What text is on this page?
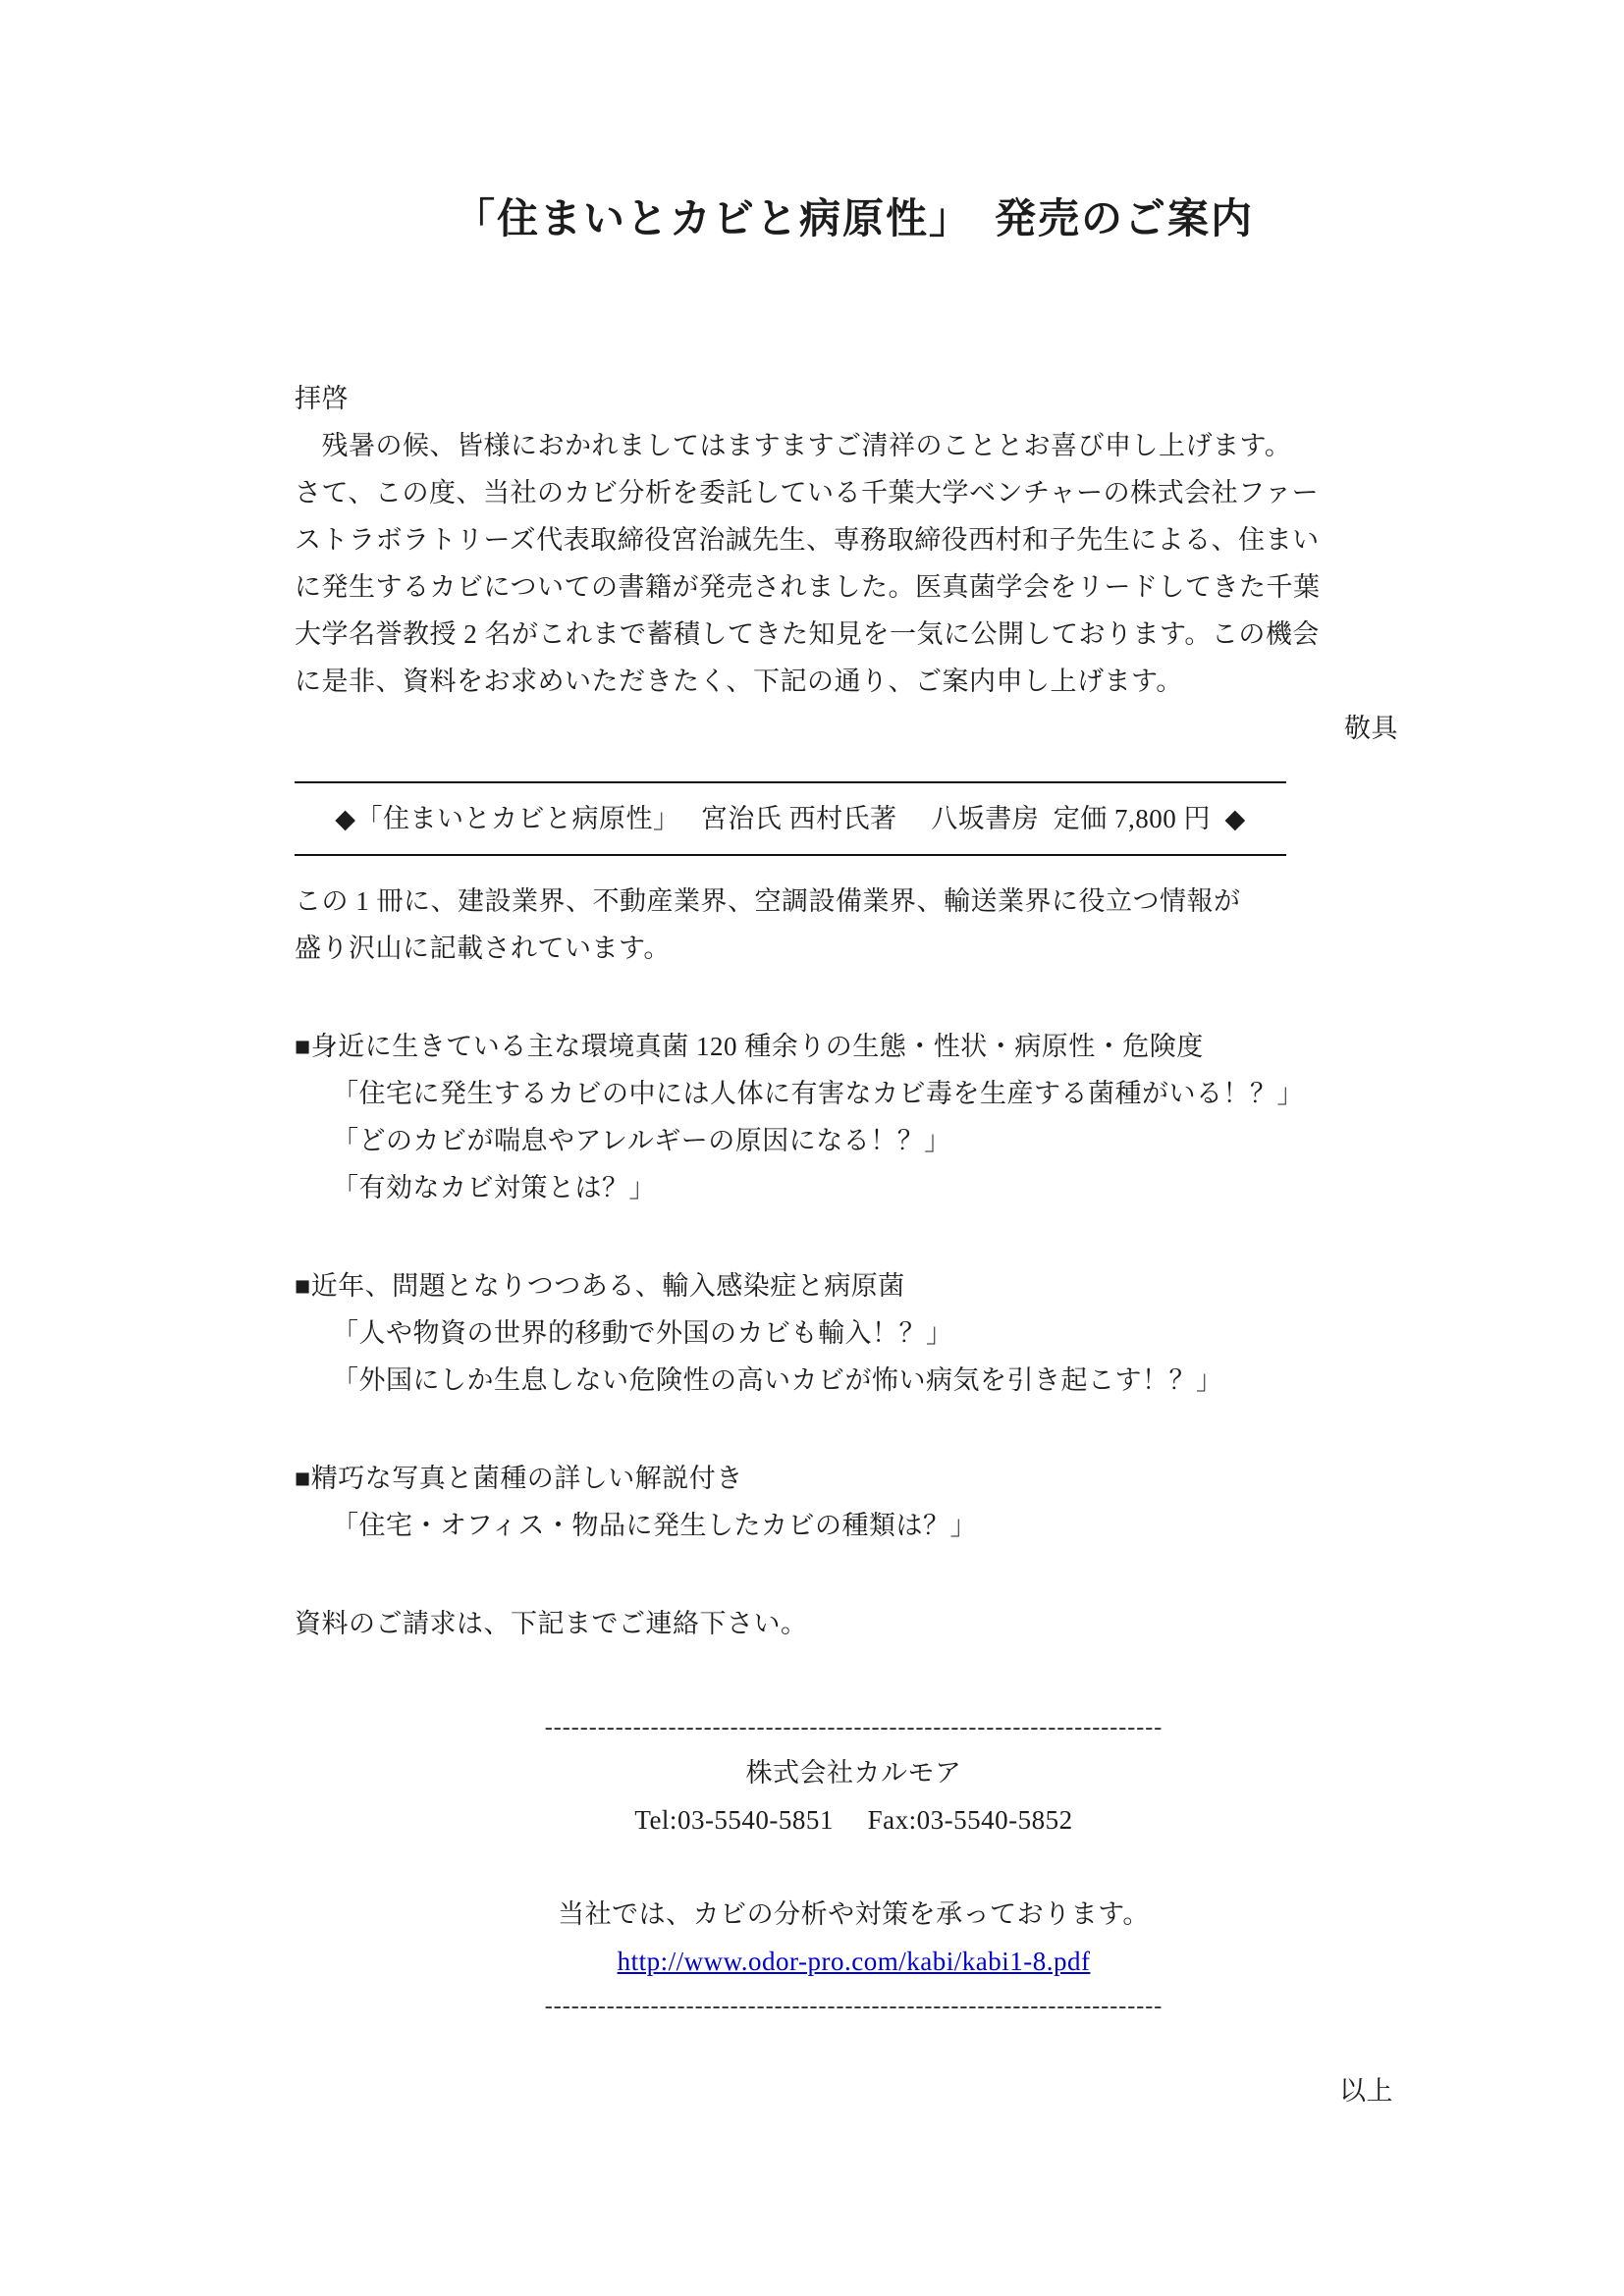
「住まいとカビと病原性」　発売のご案内
拝啓
　残暑の候、皆様におかれましてはますますご清祥のこととお喜び申し上げます。
さて、この度、当社のカビ分析を委託している千葉大学ベンチャーの株式会社ファー
ストラボラトリーズ代表取締役宮治誠先生、専務取締役西村和子先生による、住まい
に発生するカビについての書籍が発売されました。医真菌学会をリードしてきた千葉
大学名誉教授 2 名がこれまで蓄積してきた知見を一気に公開しております。この機会
に是非、資料をお求めいただきたく、下記の通り、ご案内申し上げます。
敬具
◆「住まいとカビと病原性」　 宮治氏 西村氏著　 八坂書房  定価 7,800 円  ◆
この 1 冊に、建設業界、不動産業界、空調設備業界、輸送業界に役立つ情報が
盛り沢山に記載されています。
■身近に生きている主な環境真菌 120 種余りの生態・性状・病原性・危険度
「住宅に発生するカビの中には人体に有害なカビ毒を生産する菌種がいる！？」
「どのカビが喘息やアレルギーの原因になる！？」
「有効なカビ対策とは？」
■近年、問題となりつつある、輸入感染症と病原菌
「人や物資の世界的移動で外国のカビも輸入！？」
「外国にしか生息しない危険性の高いカビが怖い病気を引き起こす！？」
■精巧な写真と菌種の詳しい解説付き
「住宅・オフィス・物品に発生したカビの種類は？」
資料のご請求は、下記までご連絡下さい。
----------------------------------------------------------------------
株式会社カルモア
Tel:03-5540-5851　 Fax:03-5540-5852
当社では、カビの分析や対策を承っております。
http://www.odor-pro.com/kabi/kabi1-8.pdf
----------------------------------------------------------------------
以上
